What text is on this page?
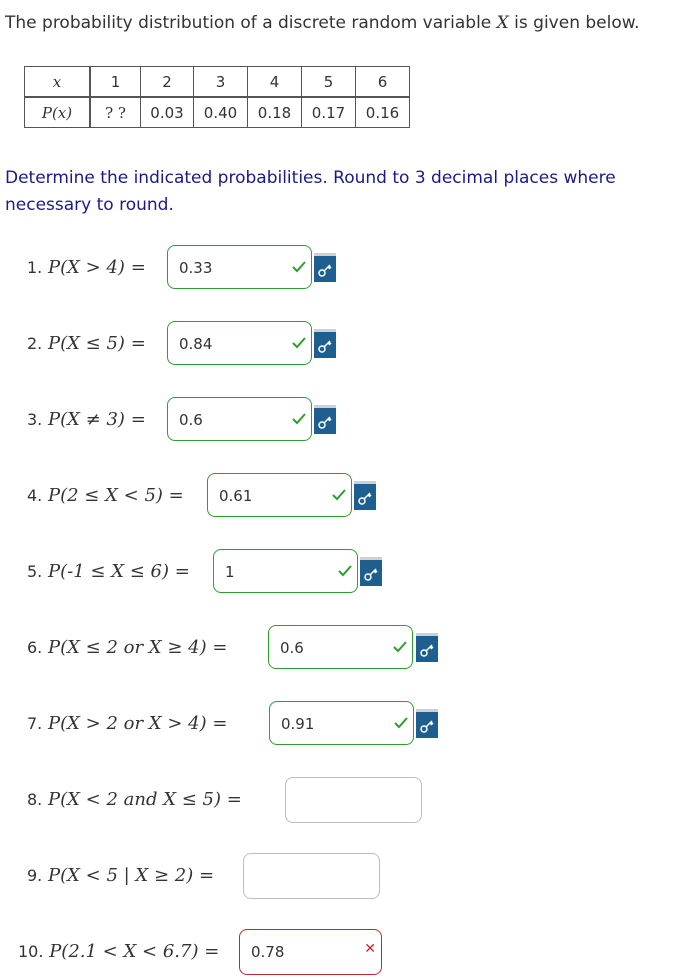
The probability distribution of a discrete random variable X is given below.
x	1	2	3	4	5	6
P(x)	? ?	0.03	0.40	0.18	0.17	0.16
Determine the indicated probabilities. Round to 3 decimal places where necessary to round.
1. P(X > 4) = 0.33
2. P(X ≤ 5) = 0.84
3. P(X ≠ 3) = 0.6
4. P(2 ≤ X < 5) = 0.61
5. P(-1 ≤ X ≤ 6) = 1
6. P(X ≤ 2 or X ≥ 4) =	0.6
7. P(X > 2 or X > 4) =	0.91
8. P(X < 2 and X ≤ 5) =
9. P(X < 5 | X ≥ 2) =
10. P(2.1 < X < 6.7) = 0.78	✕
